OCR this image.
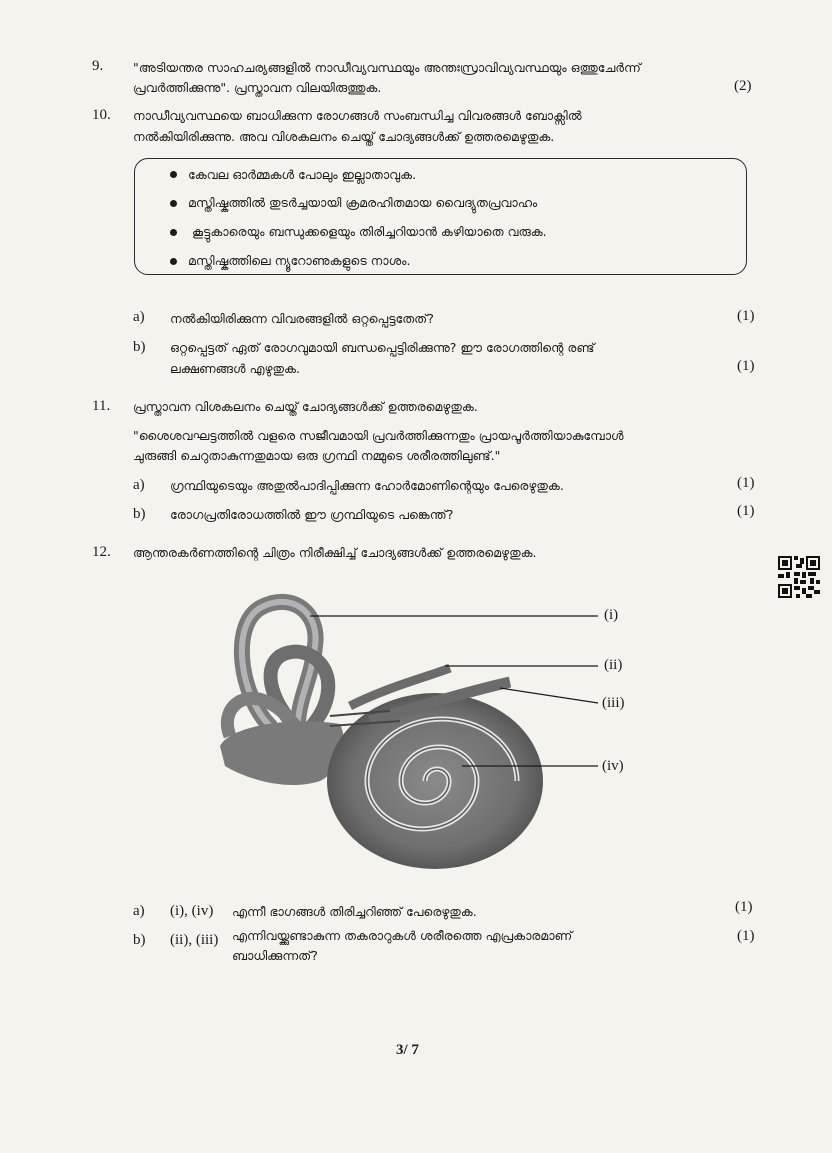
9. "അടിയന്തര സാഹചര്യങ്ങളിൽ നാഡീവ്യവസ്ഥയും അന്തഃസ്രാവിവ്യവസ്ഥയും ഒത്തുചേർന്ന്
പ്രവർത്തിക്കുന്നു". പ്രസ്താവന വിലയിരുത്തുക.	(2)
10. നാഡീവ്യവസ്ഥയെ ബാധിക്കുന്ന രോഗങ്ങൾ സംബന്ധിച്ച വിവരങ്ങൾ ബോക്സിൽ
നൽകിയിരിക്കുന്നു. അവ വിശകലനം ചെയ്ത് ചോദ്യങ്ങൾക്ക് ഉത്തരമെഴുതുക.
കേവല ഓർമ്മകൾ പോലും ഇല്ലാതാവുക.
മസ്തിഷ്കത്തിൽ തുടർച്ചയായി ക്രമരഹിതമായ വൈദ്യുതപ്രവാഹം
കൂട്ടുകാരെയും ബന്ധുക്കളെയും തിരിച്ചറിയാൻ കഴിയാതെ വരുക.
മസ്തിഷ്കത്തിലെ ന്യൂറോണുകളുടെ നാശം.
a) നൽകിയിരിക്കുന്ന വിവരങ്ങളിൽ ഒറ്റപ്പെട്ടതേത്?	(1)
b) ഒറ്റപ്പെട്ടത് ഏത് രോഗവുമായി ബന്ധപ്പെട്ടിരിക്കുന്നു? ഈ രോഗത്തിന്റെ രണ്ട്
ലക്ഷണങ്ങൾ എഴുതുക.	(1)
11. പ്രസ്താവന വിശകലനം ചെയ്ത് ചോദ്യങ്ങൾക്ക് ഉത്തരമെഴുതുക.
"ശൈശവഘട്ടത്തിൽ വളരെ സജീവമായി പ്രവർത്തിക്കുന്നതും പ്രായപൂർത്തിയാകുമ്പോൾ
ചുരുങ്ങി ചെറുതാകുന്നതുമായ ഒരു ഗ്രന്ഥി നമ്മുടെ ശരീരത്തിലുണ്ട്."
a) ഗ്രന്ഥിയുടെയും അതുൽപാദിപ്പിക്കുന്ന ഹോർമോണിന്റെയും പേരെഴുതുക.	(1)
b) രോഗപ്രതിരോധത്തിൽ ഈ ഗ്രന്ഥിയുടെ പങ്കെന്ത്?	(1)
12. ആന്തരകർണത്തിന്റെ ചിത്രം നിരീക്ഷിച്ച് ചോദ്യങ്ങൾക്ക് ഉത്തരമെഴുതുക.
(i)
(ii)
(iii)
(iv)
a) (i), (iv) എന്നീ ഭാഗങ്ങൾ തിരിച്ചറിഞ്ഞ് പേരെഴുതുക.	(1)
b) (ii), (iii) എന്നിവയ്ക്കുണ്ടാകുന്ന തകരാറുകൾ ശരീരത്തെ എപ്രകാരമാണ്
ബാധിക്കുന്നത്?
(1)
3/ 7
